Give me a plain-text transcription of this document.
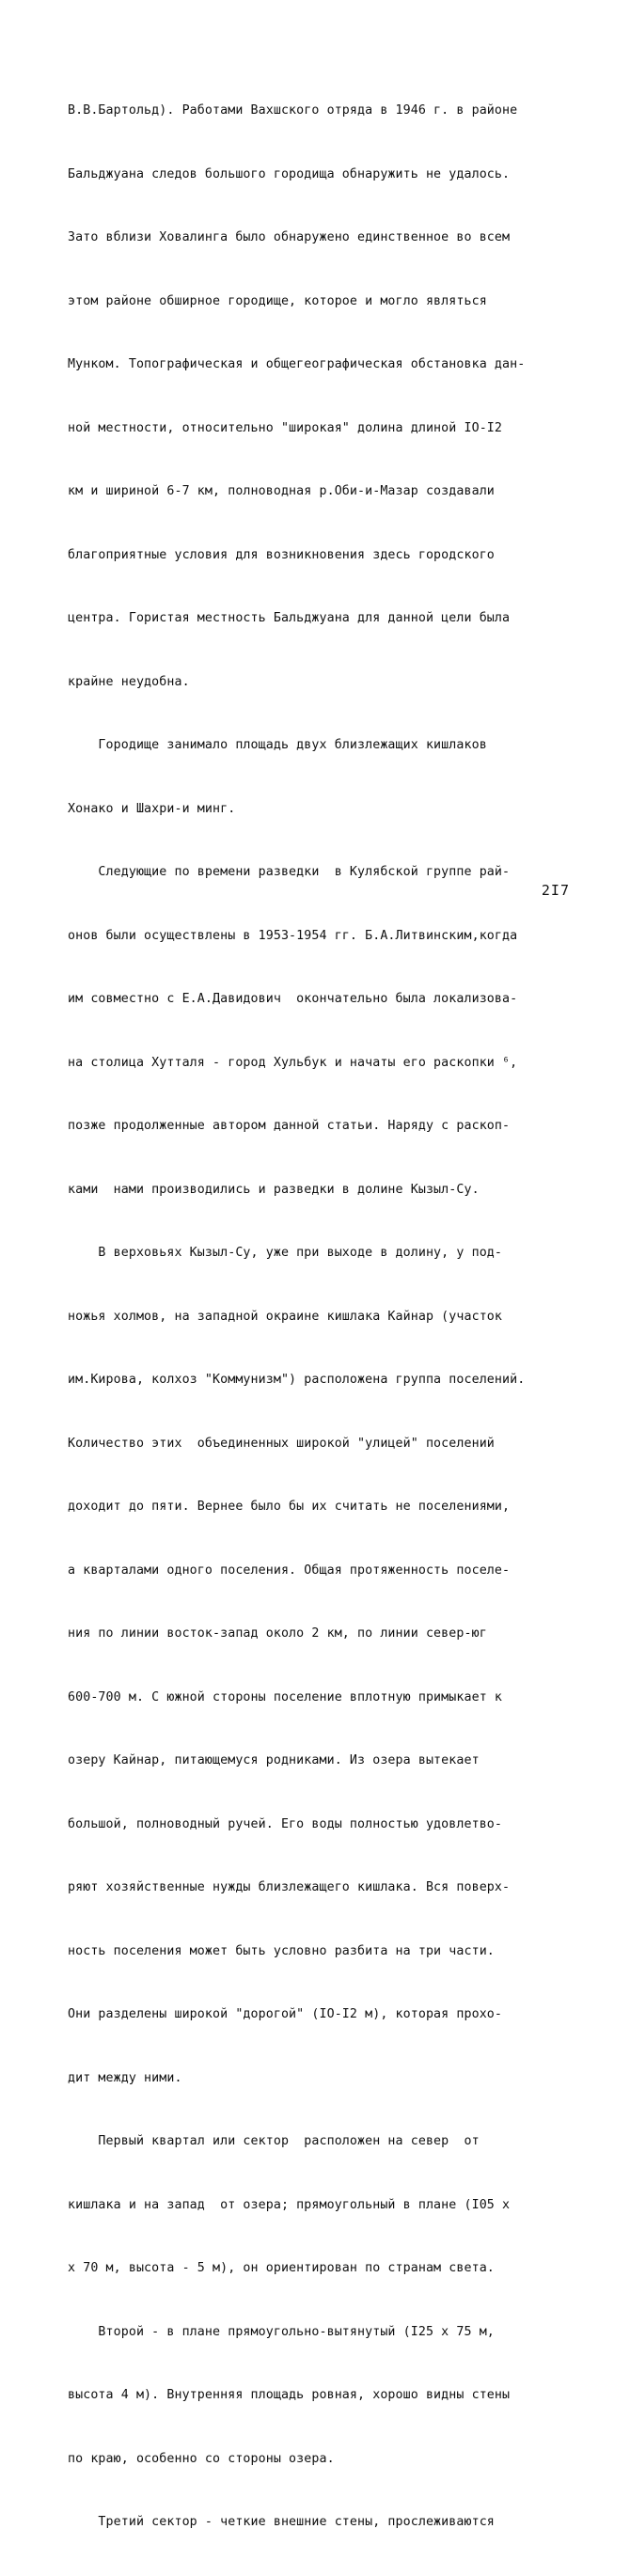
В.В.Бартольд). Работами Вахшского отряда в 1946 г. в районе

Бальджуана следов большого городища обнаружить не удалось.

Зато вблизи Ховалинга было обнаружено единственное во всем

этом районе обширное городище, которое и могло являться

Мунком. Топографическая и общегеографическая обстановка дан-

ной местности, относительно "широкая" долина длиной IO-I2

км и шириной 6-7 км, полноводная р.Оби-и-Мазар создавали

благоприятные условия для возникновения здесь городского

центра. Гористая местность Бальджуана для данной цели была

крайне неудобна.

Городище занимало площадь двух близлежащих кишлаков

Хонако и Шахри-и минг.

Следующие по времени разведки  в Кулябской группе рай-

онов были осуществлены в 1953-1954 гг. Б.А.Литвинским,когда

им совместно с Е.А.Давидович  окончательно была локализова-

на столица Хутталя - город Хульбук и начаты его раскопки ⁶,

позже продолженные автором данной статьи. Наряду с раскоп-

ками  нами производились и разведки в долине Кызыл-Су.

В верховьях Кызыл-Су, уже при выходе в долину, у под-

ножья холмов, на западной окраине кишлака Кайнар (участок

им.Кирова, колхоз "Коммунизм") расположена группа поселений.

Количество этих  объединенных широкой "улицей" поселений

доходит до пяти. Вернее было бы их считать не поселениями,

а кварталами одного поселения. Общая протяженность поселе-

ния по линии восток-запад около 2 км, по линии север-юг

600-700 м. С южной стороны поселение вплотную примыкает к

озеру Кайнар, питающемуся родниками. Из озера вытекает

большой, полноводный ручей. Его воды полностью удовлетво-

ряют хозяйственные нужды близлежащего кишлака. Вся поверх-

ность поселения может быть условно разбита на три части.

Они разделены широкой "дорогой" (IO-I2 м), которая прохо-

дит между ними.

Первый квартал или сектор  расположен на север  от

кишлака и на запад  от озера; прямоугольный в плане (I05 х

х 70 м, высота - 5 м), он ориентирован по странам света.

Второй - в плане прямоугольно-вытянутый (I25 х 75 м,

высота 4 м). Внутренняя площадь ровная, хорошо видны стены

по краю, особенно со стороны озера.

Третий сектор - четкие внешние стены, прослеживаются

2I7
